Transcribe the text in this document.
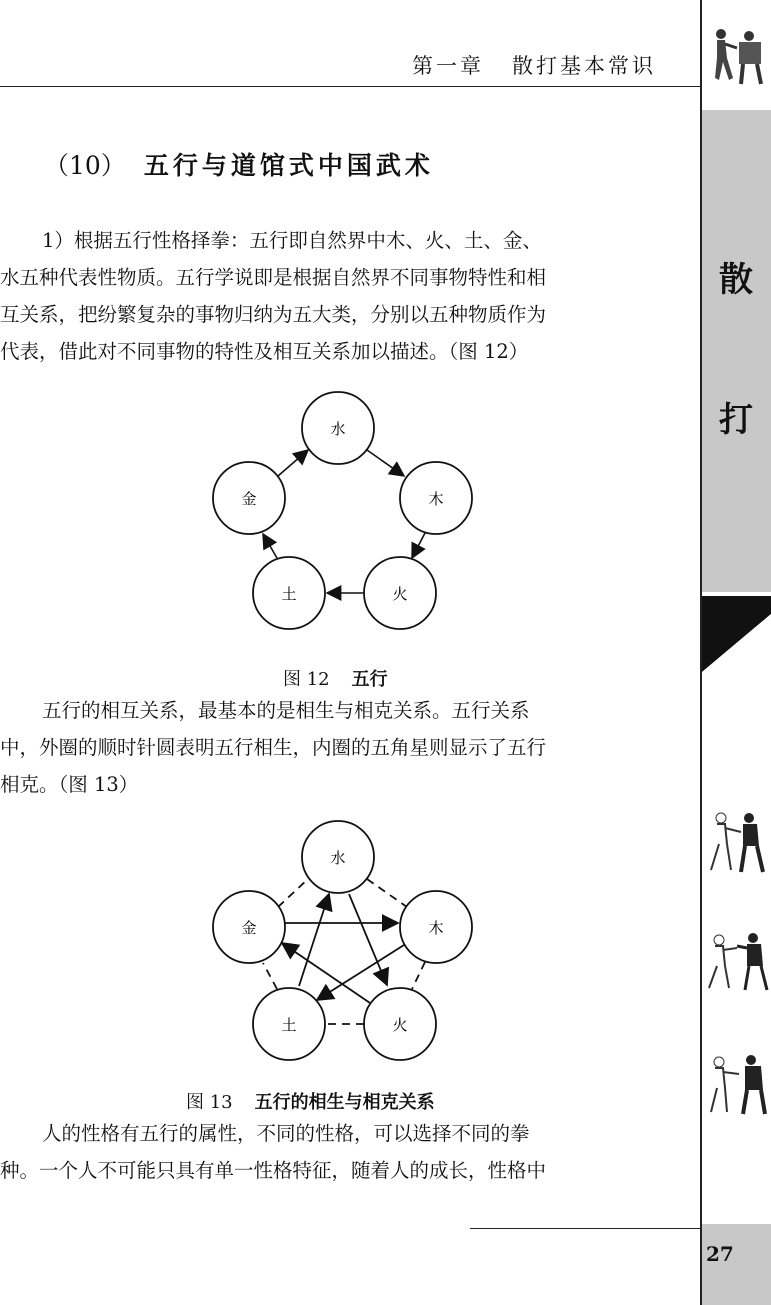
散
打
第一章 散打基本常识
（10） 五行与道馆式中国武术

1）根据五行性格择拳：五行即自然界中木、火、土、金、

水五种代表性物质。五行学说即是根据自然界不同事物特性和相

互关系，把纷繁复杂的事物归纳为五大类，分别以五种物质作为

代表，借此对不同事物的特性及相互关系加以描述。（图 12）

水
木
火
土
金
图 12 五行

五行的相互关系，最基本的是相生与相克关系。五行关系

中，外圈的顺时针圆表明五行相生，内圈的五角星则显示了五行

相克。（图 13）

水
木
火
土
金
图 13 五行的相生与相克关系

人的性格有五行的属性，不同的性格，可以选择不同的拳

种。一个人不可能只具有单一性格特征，随着人的成长，性格中

27
